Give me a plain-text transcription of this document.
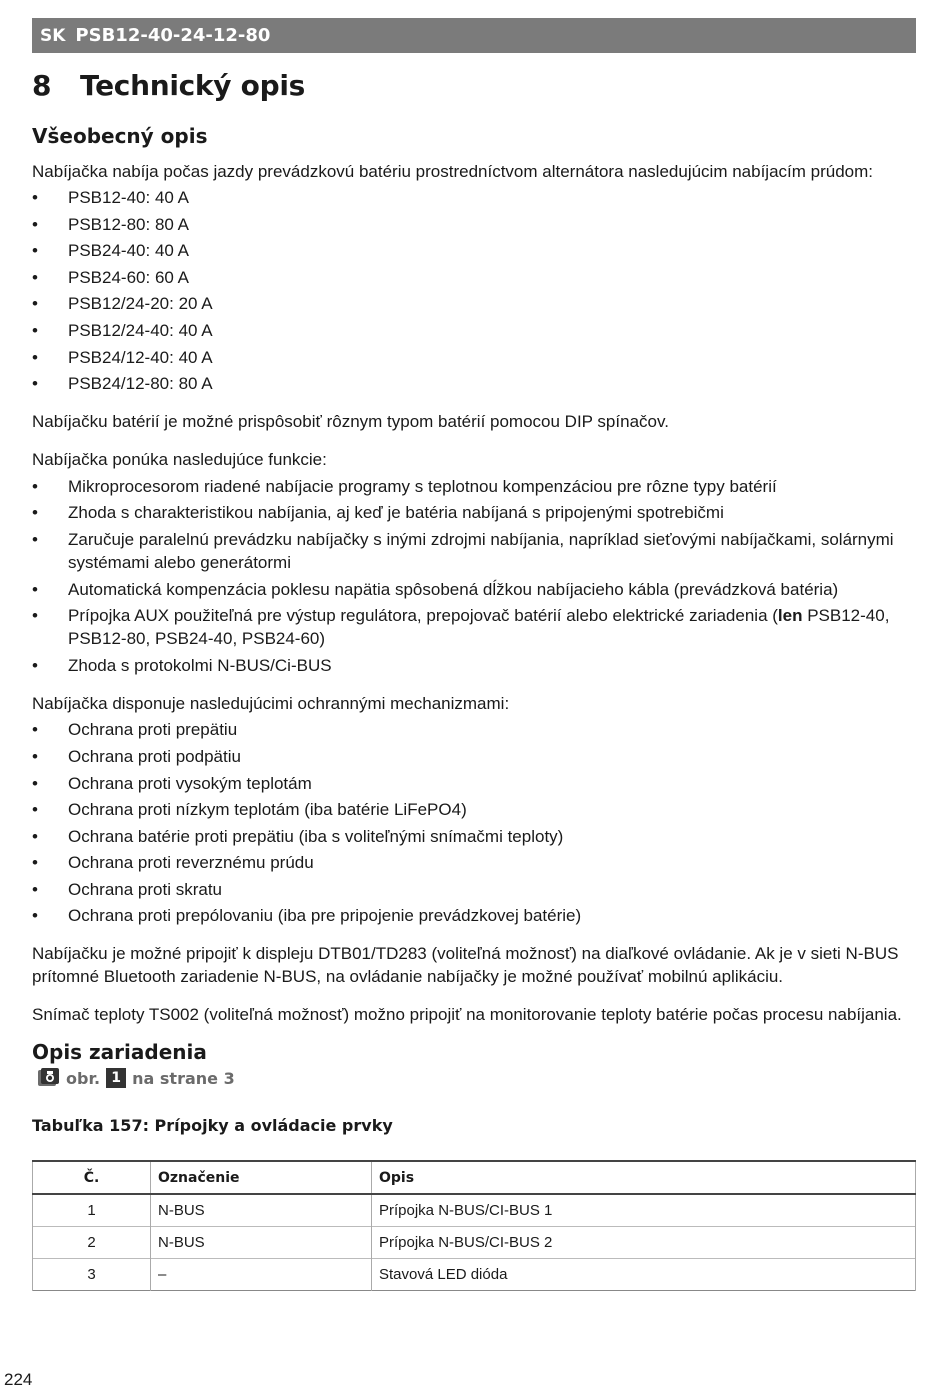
SK PSB12-40-24-12-80
8	Technický opis
Všeobecný opis

Nabíjačka nabíja počas jazdy prevádzkovú batériu prostredníctvom alternátora nasledujúcim nabíjacím prúdom:

• PSB12-40: 40 A
• PSB12-80: 80 A
• PSB24-40: 40 A
• PSB24-60: 60 A
• PSB12/24-20: 20 A
• PSB12/24-40: 40 A
• PSB24/12-40: 40 A
• PSB24/12-80: 80 A

Nabíjačku batérií je možné prispôsobiť rôznym typom batérií pomocou DIP spínačov.

Nabíjačka ponúka nasledujúce funkcie:

• Mikroprocesorom riadené nabíjacie programy s teplotnou kompenzáciou pre rôzne typy batérií
• Zhoda s charakteristikou nabíjania, aj keď je batéria nabíjaná s pripojenými spotrebičmi
• Zaručuje paralelnú prevádzku nabíjačky s inými zdrojmi nabíjania, napríklad sieťovými nabíjačkami, solárnymi systémami alebo generátormi
• Automatická kompenzácia poklesu napätia spôsobená dĺžkou nabíjacieho kábla (prevádzková batéria)
• Prípojka AUX použiteľná pre výstup regulátora, prepojovač batérií alebo elektrické zariadenia (len PSB12-40, PSB12-80, PSB24-40, PSB24-60)
• Zhoda s protokolmi N-BUS/Ci-BUS

Nabíjačka disponuje nasledujúcimi ochrannými mechanizmami:

• Ochrana proti prepätiu
• Ochrana proti podpätiu
• Ochrana proti vysokým teplotám
• Ochrana proti nízkym teplotám (iba batérie LiFePO4)
• Ochrana batérie proti prepätiu (iba s voliteľnými snímačmi teploty)
• Ochrana proti reverznému prúdu
• Ochrana proti skratu
• Ochrana proti prepólovaniu (iba pre pripojenie prevádzkovej batérie)

Nabíjačku je možné pripojiť k displeju DTB01/TD283 (voliteľná možnosť) na diaľkové ovládanie. Ak je v sieti N-BUS prítomné Bluetooth zariadenie N-BUS, na ovládanie nabíjačky je možné používať mobilnú aplikáciu.

Snímač teploty TS002 (voliteľná možnosť) možno pripojiť na monitorovanie teploty batérie počas procesu nabíjania.

Opis zariadenia
obr. 1 na strane 3
Tabuľka 157: Prípojky a ovládacie prvky
Č.	Označenie	Opis
1	N-BUS	Prípojka N-BUS/CI-BUS 1
2	N-BUS	Prípojka N-BUS/CI-BUS 2
3	–	Stavová LED dióda
224
